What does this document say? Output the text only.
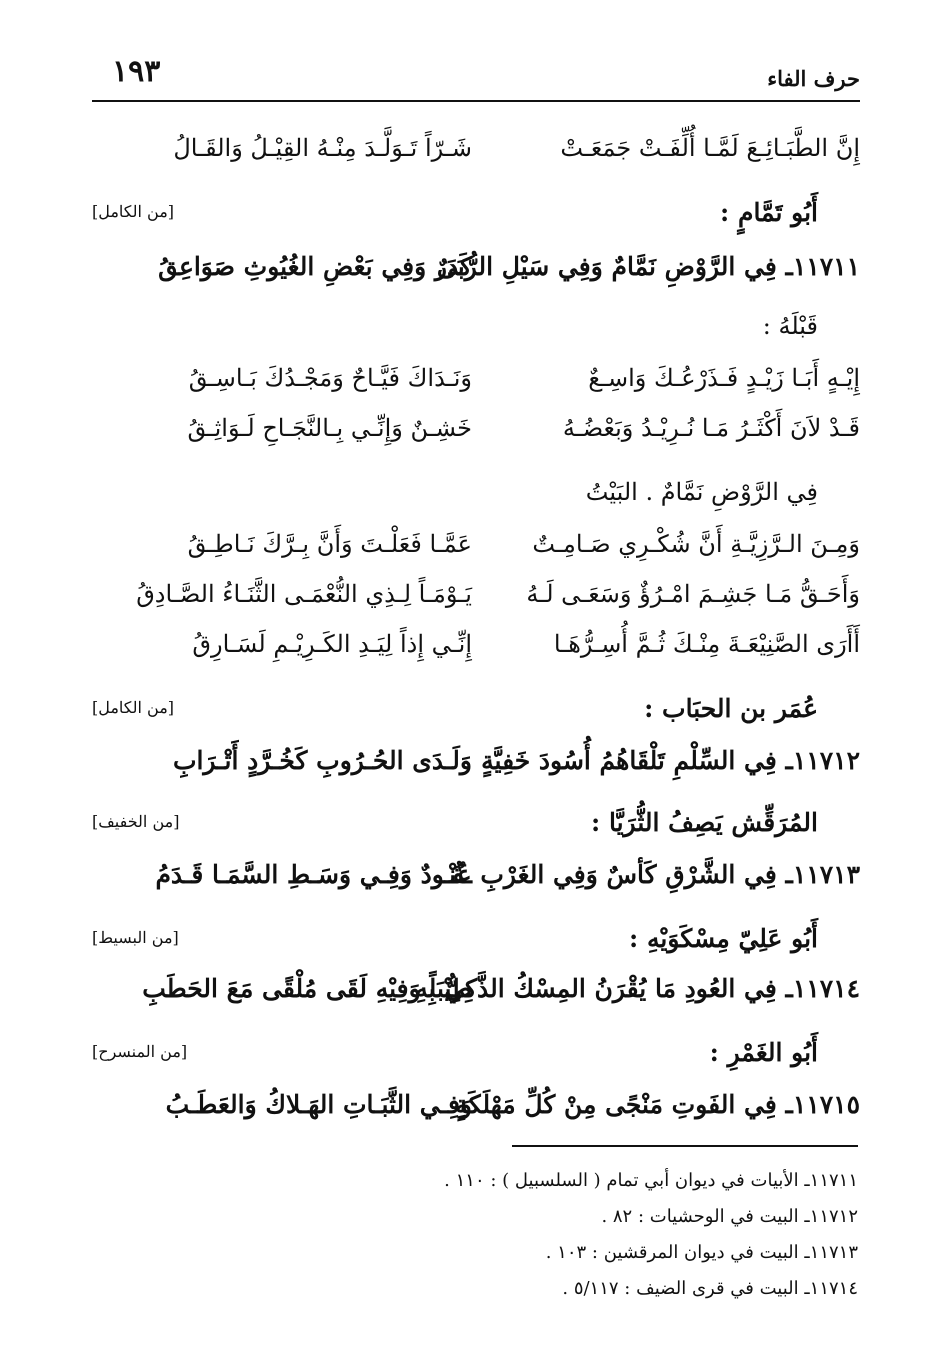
حرف الفاء
١٩٣
إِنَّ الطَّبَـائِـعَ لَمَّـا أُلِّفَـتْ جَمَعَـتْ
شَـرّاً تَـوَلَّـدَ مِنْـهُ القِيْـلُ وَالقَـالُ
أَبُو تَمَّامٍ :
[من الكامل]
١١٧١١ـ فِي الرَّوْضِ نَمَّامٌ وَفِي سَيْلِ الرُّبَى
كَدَرٌ وَفِي بَعْضِ الغُيُوثِ صَوَاعِقُ
قَبْلَهُ :
إِيْـهٍ أَبَـا زَيْـدٍ فَـذَرْعُـكَ وَاسِـعٌ
وَنَـدَاكَ فَيَّـاحٌ وَمَجْـدُكَ بَـاسِـقُ
قَـدْ لاَنَ أَكْثَـرُ مَـا نُـرِيْـدُ وَبَعْضُـهُ
خَشِـنٌ وَإِنِّـي بِـالنَّجَـاحِ لَـوَاثِـقُ
فِي الرَّوْضِ نَمَّامٌ . البَيْتُ
وَمِـنَ الـرَّزِيَّـةِ أَنَّ شُكْـرِي صَـامِـتٌ
عَمَّـا فَعَلْـتَ وَأَنَّ بِـرَّكَ نَـاطِـقُ
وَأَحَـقُّ مَـا جَشِـمَ امْـرُؤٌ وَسَعَـى لَـهُ
يَـوْمَـاً لِـذِي النُّعْمَـى الثَّنَـاءُ الصَّـادِقُ
أَأَرَى الصَّنِيْعَـةَ مِنْـكَ ثُـمَّ أُسِـرُّهَـا
إِنِّـي إِذاً لِيَـدِ الكَـرِيْـمِ لَسَـارِقُ
عُمَر بن الحبَاب :
[من الكامل]
١١٧١٢ـ فِي السِّلْمِ تَلْقَاهُمُ أُسُودَ خَفِيَّةٍ
وَلَـدَى الحُـرُوبِ كَخُـرَّدٍ أَتْـرَابِ
المُرَقِّش يَصِفُ الثُّرَيَّا :
[من الخفيف]
١١٧١٣ـ فِي الشَّرْقِ كَأسٌ وَفِي الغَرْبِ عُنْـ
ـقُـودٌ وَفِـي وَسَـطِ السَّمَـا قَـدَمُ
أَبُو عَلِيّ مِسْكَوَيْهِ :
[من البسيط]
١١٧١٤ـ فِي العُودِ مَا يُقْرَنُ المِسْكُ الذَّكِيُّ بِهِ
طِيْبَاً وَفِيْهِ لَقَى مُلْقًى مَعَ الحَطَبِ
أَبُو الغَمْرِ :
[من المنسرح]
١١٧١٥ـ فِي الفَوتِ مَنْجًى مِنْ كُلِّ مَهْلَكَةٍ
وَفِـي الثَّبَـاتِ الهَـلاكُ وَالعَطَـبُ
١١٧١١ـ الأبيات في ديوان أبي تمام ( السلسبيل ) : ١١٠ .
١١٧١٢ـ البيت في الوحشيات : ٨٢ .
١١٧١٣ـ البيت في ديوان المرقشين : ١٠٣ .
١١٧١٤ـ البيت في قرى الضيف : ٥/١١٧ .
